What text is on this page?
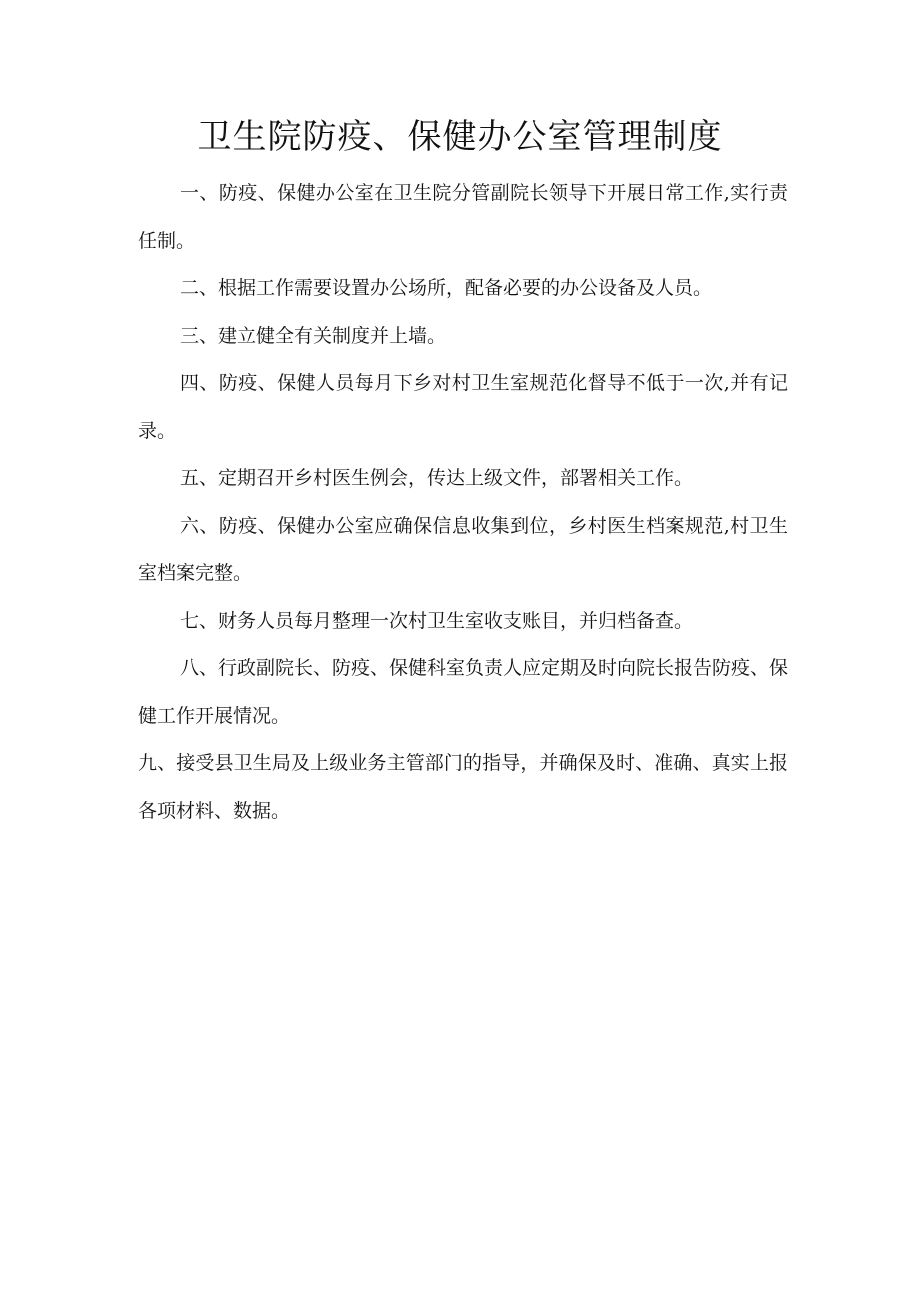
卫生院防疫、保健办公室管理制度

一、防疫、保健办公室在卫生院分管副院长领导下开展日常工作,实行责任制。

二、根据工作需要设置办公场所，配备必要的办公设备及人员。

三、建立健全有关制度并上墙。

四、防疫、保健人员每月下乡对村卫生室规范化督导不低于一次,并有记录。

五、定期召开乡村医生例会，传达上级文件，部署相关工作。

六、防疫、保健办公室应确保信息收集到位，乡村医生档案规范,村卫生室档案完整。

七、财务人员每月整理一次村卫生室收支账目，并归档备查。

八、行政副院长、防疫、保健科室负责人应定期及时向院长报告防疫、保健工作开展情况。

九、接受县卫生局及上级业务主管部门的指导，并确保及时、准确、真实上报各项材料、数据。
